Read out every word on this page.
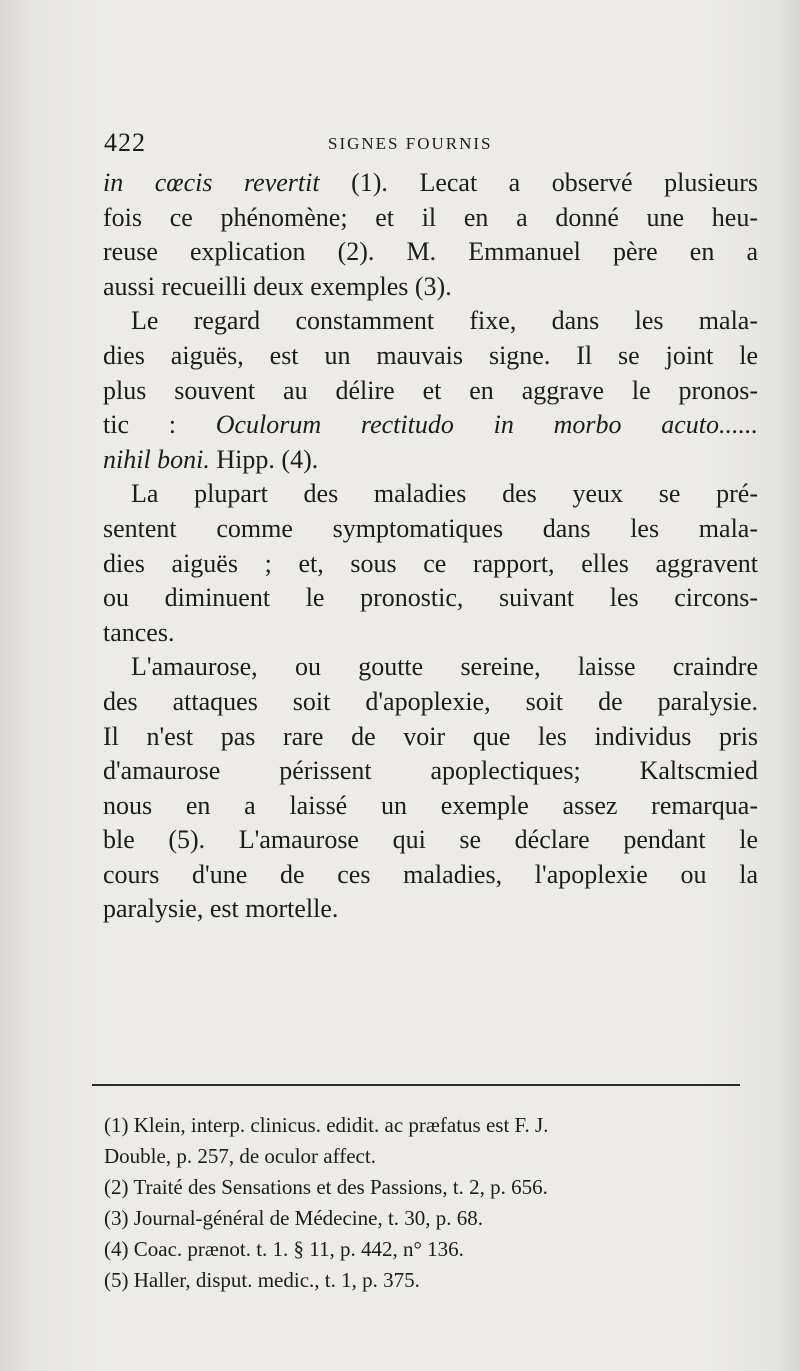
422	SIGNES FOURNIS
in cœcis revertit (1). Lecat a observé plusieurs
fois ce phénomène; et il en a donné une heu-
reuse explication (2). M. Emmanuel père en a
aussi recueilli deux exemples (3).
Le regard constamment fixe, dans les mala-
dies aiguës, est un mauvais signe. Il se joint le
plus souvent au délire et en aggrave le pronos-
tic : Oculorum rectitudo in morbo acuto......
nihil boni. Hipp. (4).
La plupart des maladies des yeux se pré-
sentent comme symptomatiques dans les mala-
dies aiguës ; et, sous ce rapport, elles aggravent
ou diminuent le pronostic, suivant les circons-
tances.
L'amaurose, ou goutte sereine, laisse craindre
des attaques soit d'apoplexie, soit de paralysie.
Il n'est pas rare de voir que les individus pris
d'amaurose périssent apoplectiques; Kaltscmied
nous en a laissé un exemple assez remarqua-
ble (5). L'amaurose qui se déclare pendant le
cours d'une de ces maladies, l'apoplexie ou la
paralysie, est mortelle.
(1) Klein, interp. clinicus. edidit. ac præfatus est F. J.
Double, p. 257, de oculor affect.
(2) Traité des Sensations et des Passions, t. 2, p. 656.
(3) Journal-général de Médecine, t. 30, p. 68.
(4) Coac. prænot. t. 1. § 11, p. 442, n° 136.
(5) Haller, disput. medic., t. 1, p. 375.
